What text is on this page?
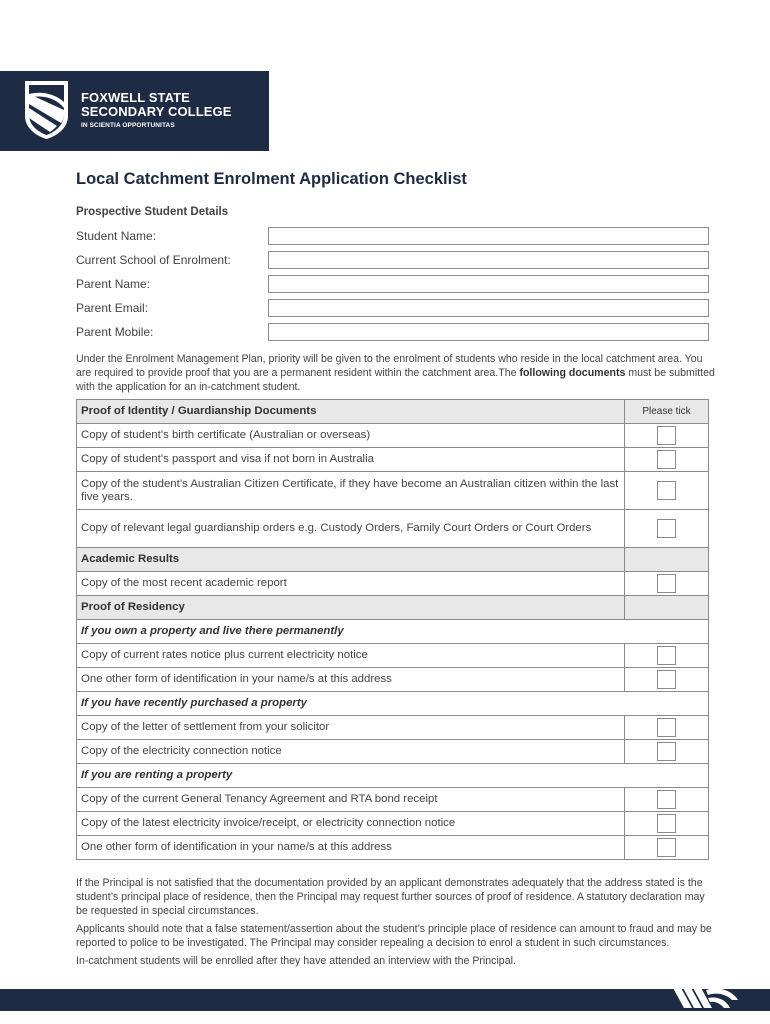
FOXWELL STATE
SECONDARY COLLEGE
IN SCIENTIA OPPORTUNITAS
Local Catchment Enrolment Application Checklist
Prospective Student Details
Student Name:
Current School of Enrolment:
Parent Name:
Parent Email:
Parent Mobile:

Under the Enrolment Management Plan, priority will be given to the enrolment of students who reside in the local catchment area. You are required to provide proof that you are a permanent resident within the catchment area.The following documents must be submitted with the application for an in-catchment student.

Proof of Identity / Guardianship Documents	Please tick
Copy of student’s birth certificate (Australian or overseas)	
Copy of student’s passport and visa if not born in Australia	
Copy of the student’s Australian Citizen Certificate, if they have become an Australian citizen within the last five years.	
Copy of relevant legal guardianship orders e.g. Custody Orders, Family Court Orders or Court Orders	
Academic Results	
Copy of the most recent academic report	
Proof of Residency	
If you own a property and live there permanently	
Copy of current rates notice plus current electricity notice	
One other form of identification in your name/s at this address	
If you have recently purchased a property	
Copy of the letter of settlement from your solicitor	
Copy of the electricity connection notice	
If you are renting a property	
Copy of the current General Tenancy Agreement and RTA bond receipt	
Copy of the latest electricity invoice/receipt, or electricity connection notice	
One other form of identification in your name/s at this address	

If the Principal is not satisfied that the documentation provided by an applicant demonstrates adequately that the address stated is the student’s principal place of residence, then the Principal may request further sources of proof of residence. A statutory declaration may be requested in special circumstances.

Applicants should note that a false statement/assertion about the student’s principle place of residence can amount to fraud and may be reported to police to be investigated. The Principal may consider repealing a decision to enrol a student in such circumstances.

In-catchment students will be enrolled after they have attended an interview with the Principal.
